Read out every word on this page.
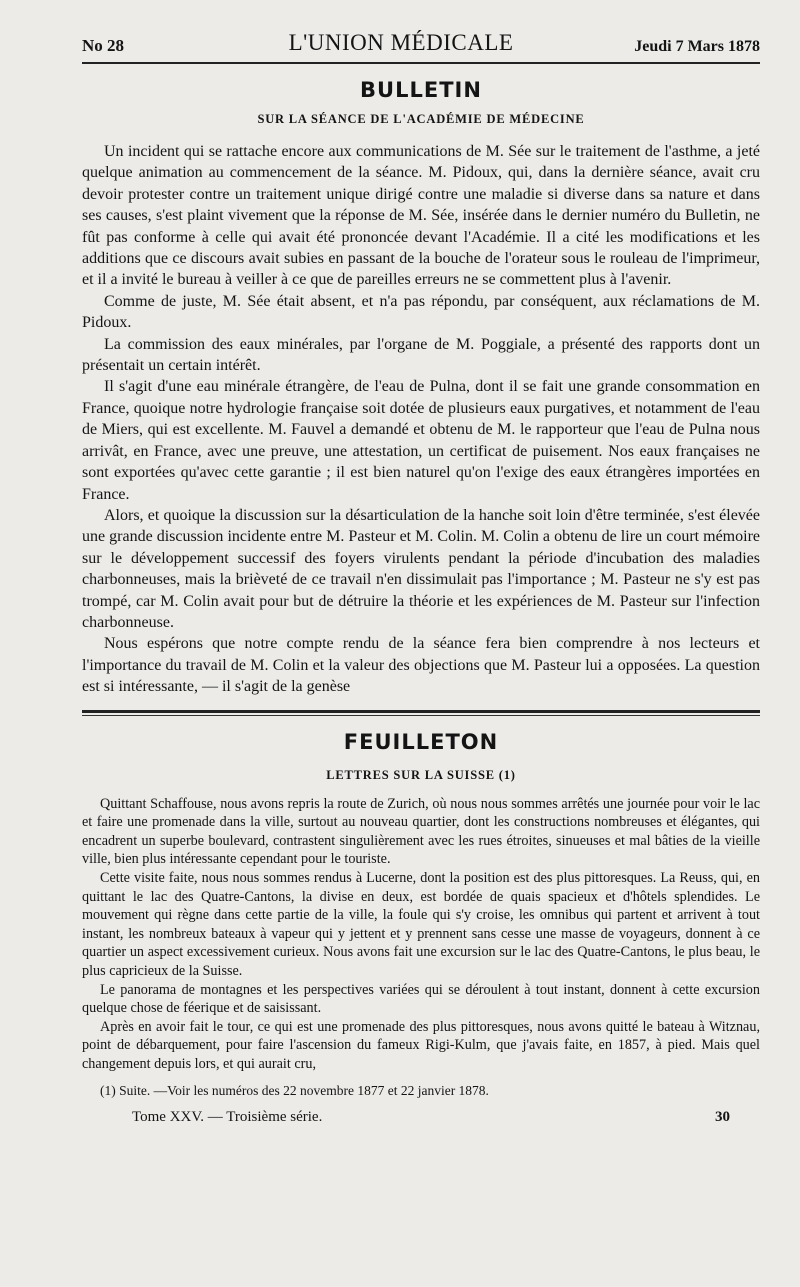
No 28	L'UNION MÉDICALE	Jeudi 7 Mars 1878
BULLETIN
SUR LA SÉANCE DE L'ACADÉMIE DE MÉDECINE

Un incident qui se rattache encore aux communications de M. Sée sur le traitement de l'asthme, a jeté quelque animation au commencement de la séance. M. Pidoux, qui, dans la dernière séance, avait cru devoir protester contre un traitement unique dirigé contre une maladie si diverse dans sa nature et dans ses causes, s'est plaint vivement que la réponse de M. Sée, insérée dans le dernier numéro du Bulletin, ne fût pas conforme à celle qui avait été prononcée devant l'Académie. Il a cité les modifications et les additions que ce discours avait subies en passant de la bouche de l'orateur sous le rouleau de l'imprimeur, et il a invité le bureau à veiller à ce que de pareilles erreurs ne se commettent plus à l'avenir.

Comme de juste, M. Sée était absent, et n'a pas répondu, par conséquent, aux réclamations de M. Pidoux.

La commission des eaux minérales, par l'organe de M. Poggiale, a présenté des rapports dont un présentait un certain intérêt.

Il s'agit d'une eau minérale étrangère, de l'eau de Pulna, dont il se fait une grande consommation en France, quoique notre hydrologie française soit dotée de plusieurs eaux purgatives, et notamment de l'eau de Miers, qui est excellente. M. Fauvel a demandé et obtenu de M. le rapporteur que l'eau de Pulna nous arrivât, en France, avec une preuve, une attestation, un certificat de puisement. Nos eaux françaises ne sont exportées qu'avec cette garantie ; il est bien naturel qu'on l'exige des eaux étrangères importées en France.

Alors, et quoique la discussion sur la désarticulation de la hanche soit loin d'être terminée, s'est élevée une grande discussion incidente entre M. Pasteur et M. Colin. M. Colin a obtenu de lire un court mémoire sur le développement successif des foyers virulents pendant la période d'incubation des maladies charbonneuses, mais la brièveté de ce travail n'en dissimulait pas l'importance ; M. Pasteur ne s'y est pas trompé, car M. Colin avait pour but de détruire la théorie et les expériences de M. Pasteur sur l'infection charbonneuse.

Nous espérons que notre compte rendu de la séance fera bien comprendre à nos lecteurs et l'importance du travail de M. Colin et la valeur des objections que M. Pasteur lui a opposées. La question est si intéressante, — il s'agit de la genèse

FEUILLETON
LETTRES SUR LA SUISSE (1)

Quittant Schaffouse, nous avons repris la route de Zurich, où nous nous sommes arrêtés une journée pour voir le lac et faire une promenade dans la ville, surtout au nouveau quartier, dont les constructions nombreuses et élégantes, qui encadrent un superbe boulevard, contrastent singulièrement avec les rues étroites, sinueuses et mal bâties de la vieille ville, bien plus intéressante cependant pour le touriste.

Cette visite faite, nous nous sommes rendus à Lucerne, dont la position est des plus pittoresques. La Reuss, qui, en quittant le lac des Quatre-Cantons, la divise en deux, est bordée de quais spacieux et d'hôtels splendides. Le mouvement qui règne dans cette partie de la ville, la foule qui s'y croise, les omnibus qui partent et arrivent à tout instant, les nombreux bateaux à vapeur qui y jettent et y prennent sans cesse une masse de voyageurs, donnent à ce quartier un aspect excessivement curieux. Nous avons fait une excursion sur le lac des Quatre-Cantons, le plus beau, le plus capricieux de la Suisse.

Le panorama de montagnes et les perspectives variées qui se déroulent à tout instant, donnent à cette excursion quelque chose de féerique et de saisissant.

Après en avoir fait le tour, ce qui est une promenade des plus pittoresques, nous avons quitté le bateau à Witznau, point de débarquement, pour faire l'ascension du fameux Rigi-Kulm, que j'avais faite, en 1857, à pied. Mais quel changement depuis lors, et qui aurait cru,

(1) Suite. —Voir les numéros des 22 novembre 1877 et 22 janvier 1878.
Tome XXV. — Troisième série.	30
